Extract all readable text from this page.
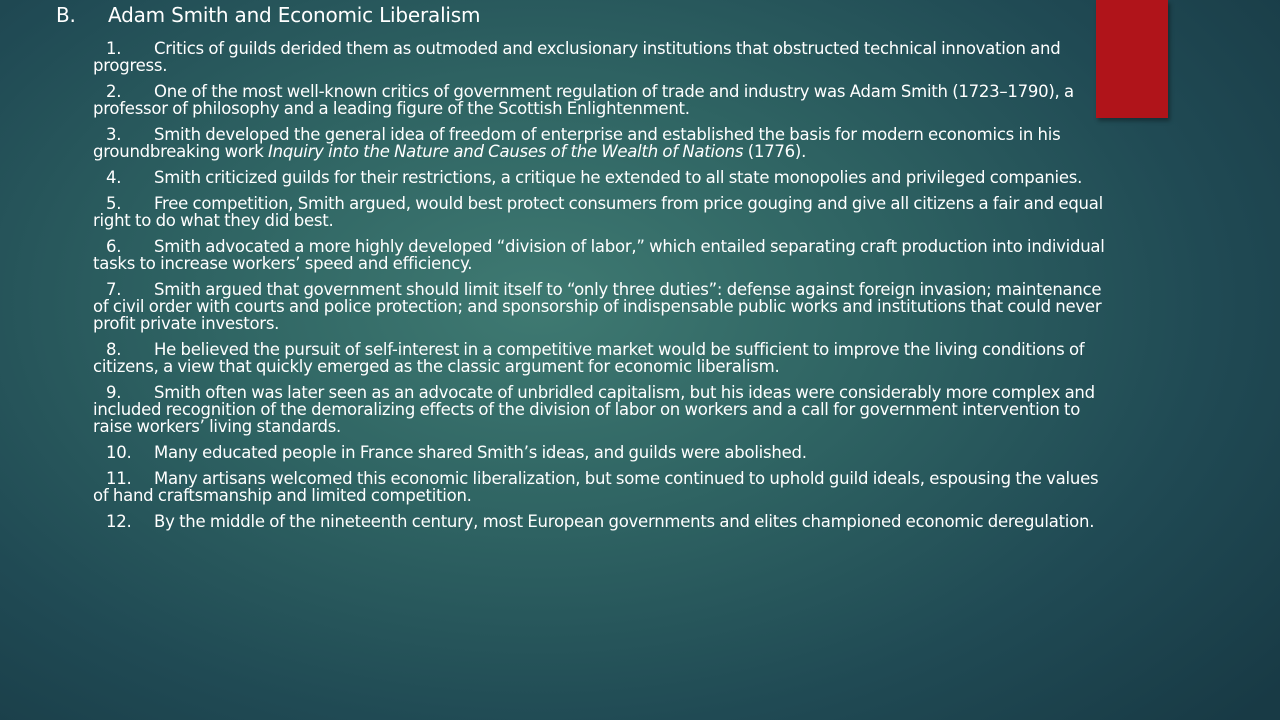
B. Adam Smith and Economic Liberalism
1. Critics of guilds derided them as outmoded and exclusionary institutions that obstructed technical innovation and progress.
2. One of the most well-known critics of government regulation of trade and industry was Adam Smith (1723–1790), a professor of philosophy and a leading figure of the Scottish Enlightenment.
3. Smith developed the general idea of freedom of enterprise and established the basis for modern economics in his groundbreaking work Inquiry into the Nature and Causes of the Wealth of Nations (1776).
4. Smith criticized guilds for their restrictions, a critique he extended to all state monopolies and privileged companies.
5. Free competition, Smith argued, would best protect consumers from price gouging and give all citizens a fair and equal right to do what they did best.
6. Smith advocated a more highly developed “division of labor,” which entailed separating craft production into individual tasks to increase workers’ speed and efficiency.
7. Smith argued that government should limit itself to “only three duties”: defense against foreign invasion; maintenance of civil order with courts and police protection; and sponsorship of indispensable public works and institutions that could never profit private investors.
8. He believed the pursuit of self-interest in a competitive market would be sufficient to improve the living conditions of citizens, a view that quickly emerged as the classic argument for economic liberalism.
9. Smith often was later seen as an advocate of unbridled capitalism, but his ideas were considerably more complex and included recognition of the demoralizing effects of the division of labor on workers and a call for government intervention to raise workers’ living standards.
10. Many educated people in France shared Smith’s ideas, and guilds were abolished.
11. Many artisans welcomed this economic liberalization, but some continued to uphold guild ideals, espousing the values of hand craftsmanship and limited competition.
12. By the middle of the nineteenth century, most European governments and elites championed economic deregulation.
